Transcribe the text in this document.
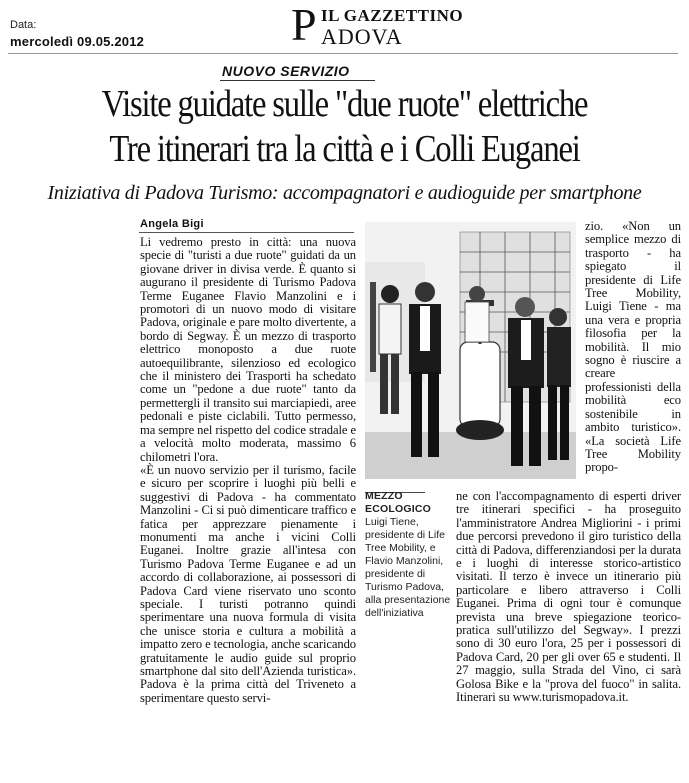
Data:
mercoledì 09.05.2012	P IL GAZZETTINO
ADOVA
NUOVO SERVIZIO
Visite guidate sulle "due ruote" elettriche
Tre itinerari tra la città e i Colli Euganei
Iniziativa di Padova Turismo: accompagnatori e audioguide per smartphone
Angela Bigi

Li vedremo presto in città: una nuova specie di "turisti a due ruote" guidati da un giovane driver in divisa verde. È quanto si augurano il presidente di Turismo Padova Terme Euganee Flavio Manzolini e i promotori di un nuovo modo di visitare Padova, originale e pare molto divertente, a bordo di Segway. È un mezzo di trasporto elettrico monoposto a due ruote autoequilibrante, silenzioso ed ecologico che il ministero dei Trasporti ha schedato come un "pedone a due ruote" tanto da permettergli il transito sui marciapiedi, aree pedonali e piste ciclabili. Tutto permesso, ma sempre nel rispetto del codice stradale e a velocità molto moderata, massimo 6 chilometri l'ora.

«È un nuovo servizio per il turismo, facile e sicuro per scoprire i luoghi più belli e suggestivi di Padova - ha commentato Manzolini - Ci si può dimenticare traffico e fatica per apprezzare pienamente i monumenti ma anche i vicini Colli Euganei. Inoltre grazie all'intesa con Turismo Padova Terme Euganee e ad un accordo di collaborazione, ai possessori di Padova Card viene riservato uno sconto speciale. I turisti potranno quindi sperimentare una nuova formula di visita che unisce storia e cultura a mobilità a impatto zero e tecnologia, anche scaricando gratuitamente le audio guide sul proprio smartphone dal sito dell'Azienda turistica». Padova è la prima città del Triveneto a sperimentare questo servi-

zio. «Non un semplice mezzo di trasporto - ha spiegato il presidente di Life Tree Mobility, Luigi Tiene - ma una vera e propria filosofia per la mobilità. Il mio sogno è riuscire a creare professionisti della mobilità eco sostenibile in ambito turistico». «La società Life Tree Mobility propo-

ne con l'accompagnamento di esperti driver tre itinerari specifici - ha proseguito l'amministratore Andrea Migliorini - i primi due percorsi prevedono il giro turistico della città di Padova, differenziandosi per la durata e i luoghi di interesse storico-artistico visitati. Il terzo è invece un itinerario più particolare e libero attraverso i Colli Euganei. Prima di ogni tour è comunque prevista una breve spiegazione teorico-pratica sull'utilizzo del Segway». I prezzi sono di 30 euro l'ora, 25 per i possessori di Padova Card, 20 per gli over 65 e studenti. Il 27 maggio, sulla Strada del Vino, ci sarà Golosa Bike e la "prova del fuoco" in salita. Itinerari su www.turismopadova.it.

MEZZO ECOLOGICO
Luigi Tiene, presidente di Life Tree Mobility, e Flavio Manzolini, presidente di Turismo Padova, alla presentazione dell'iniziativa
